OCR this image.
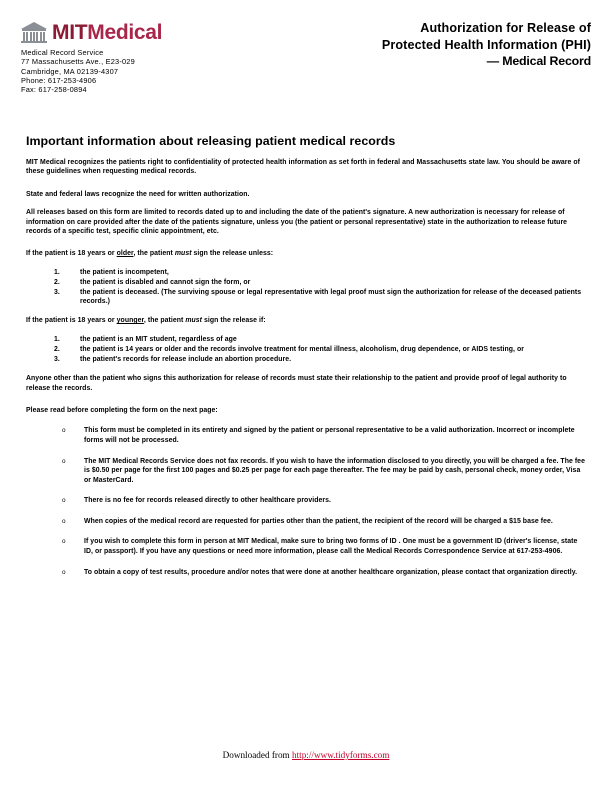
MITMedical
Medical Record Service
77 Massachusetts Ave., E23-029
Cambridge, MA 02139-4307
Phone: 617-253-4906
Fax: 617-258-0894
Authorization for Release of
Protected Health Information (PHI)
— Medical Record
Important information about releasing patient medical records

MIT Medical recognizes the patients right to confidentiality of protected health information as set forth in federal and Massachusetts state law. You should be aware of these guidelines when requesting medical records.

State and federal laws recognize the need for written authorization.

All releases based on this form are limited to records dated up to and including the date of the patient's signature. A new authorization is necessary for release of information on care provided after the date of the patients signature, unless you (the patient or personal representative) state in the authorization to release future records of a specific test, specific clinic appointment, etc.

If the patient is 18 years or older, the patient must sign the release unless:

the patient is incompetent,
the patient is disabled and cannot sign the form, or
the patient is deceased. (The surviving spouse or legal representative with legal proof must sign the authorization for release of the deceased patients records.)

If the patient is 18 years or younger, the patient must sign the release if:

the patient is an MIT student, regardless of age
the patient is 14 years or older and the records involve treatment for mental illness, alcoholism, drug dependence, or AIDS testing, or
the patient's records for release include an abortion procedure.

Anyone other than the patient who signs this authorization for release of records must state their relationship to the patient and provide proof of legal authority to release the records.

Please read before completing the form on the next page:

o This form must be completed in its entirety and signed by the patient or personal representative to be a valid authorization. Incorrect or incomplete forms will not be processed.
o The MIT Medical Records Service does not fax records. If you wish to have the information disclosed to you directly, you will be charged a fee. The fee is $0.50 per page for the first 100 pages and $0.25 per page for each page thereafter. The fee may be paid by cash, personal check, money order, Visa or MasterCard.
o There is no fee for records released directly to other healthcare providers.
o When copies of the medical record are requested for parties other than the patient, the recipient of the record will be charged a $15 base fee.
o If you wish to complete this form in person at MIT Medical, make sure to bring two forms of ID . One must be a government ID (driver's license, state ID, or passport). If you have any questions or need more information, please call the Medical Records Correspondence Service at 617-253-4906.
o To obtain a copy of test results, procedure and/or notes that were done at another healthcare organization, please contact that organization directly.
Downloaded from http://www.tidyforms.com
